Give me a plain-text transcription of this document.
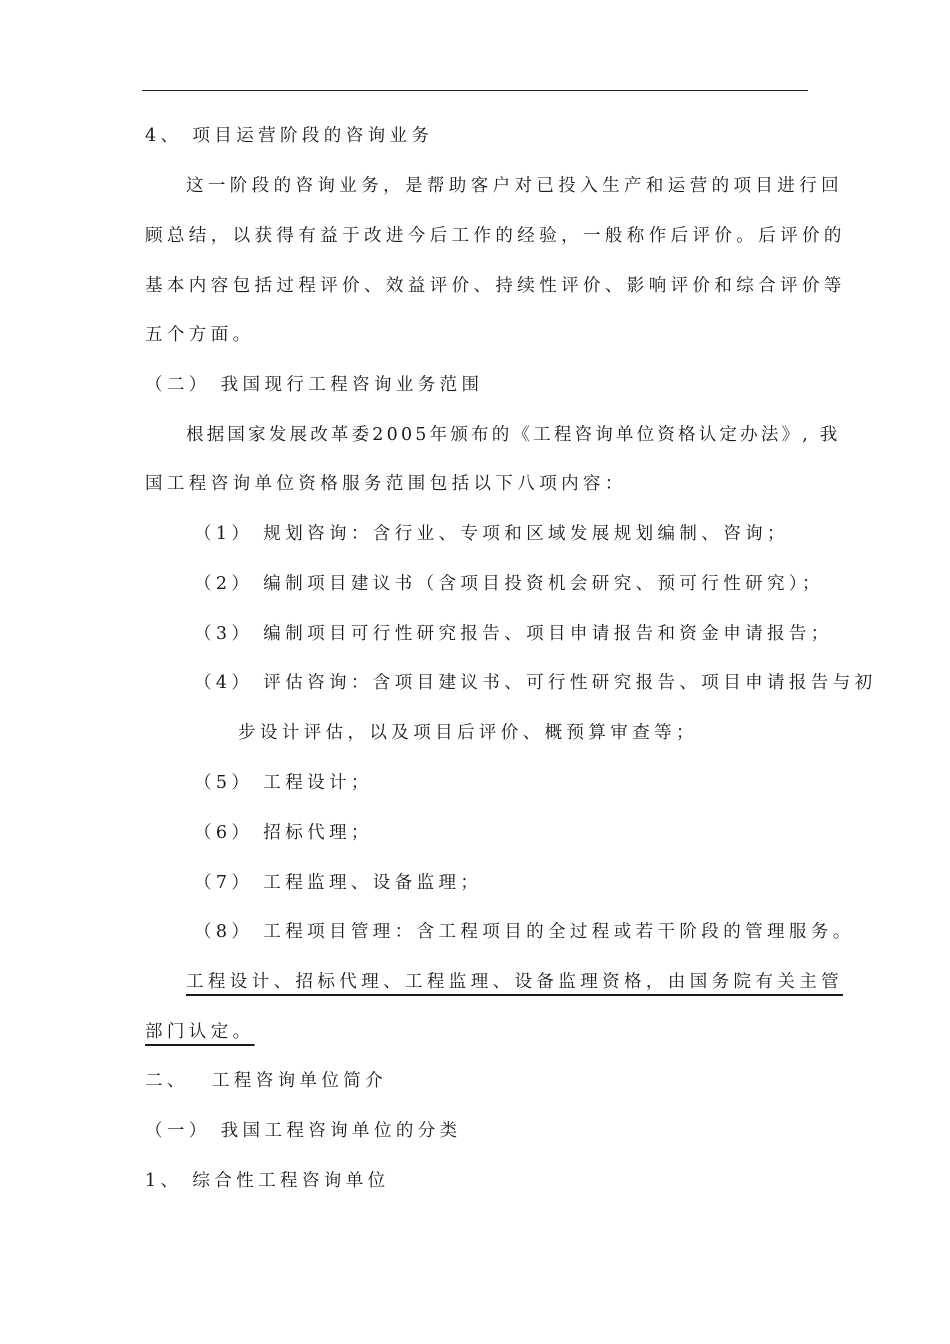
4、 项目运营阶段的咨询业务
这一阶段的咨询业务，是帮助客户对已投入生产和运营的项目进行回
顾总结，以获得有益于改进今后工作的经验，一般称作后评价。后评价的
基本内容包括过程评价、效益评价、持续性评价、影响评价和综合评价等
五个方面。
（二） 我国现行工程咨询业务范围
根据国家发展改革委2005年颁布的《工程咨询单位资格认定办法》, 我
国工程咨询单位资格服务范围包括以下八项内容：
（1） 规划咨询：含行业、专项和区域发展规划编制、咨询；
（2） 编制项目建议书（含项目投资机会研究、预可行性研究）；
（3） 编制项目可行性研究报告、项目申请报告和资金申请报告；
（4） 评估咨询：含项目建议书、可行性研究报告、项目申请报告与初
步设计评估，以及项目后评价、概预算审查等；
（5） 工程设计；
（6） 招标代理；
（7） 工程监理、设备监理；
（8） 工程项目管理：含工程项目的全过程或若干阶段的管理服务。
工程设计、招标代理、工程监理、设备监理资格，由国务院有关主管
部门认定。
二、　 工程咨询单位简介
（一） 我国工程咨询单位的分类
1、 综合性工程咨询单位
